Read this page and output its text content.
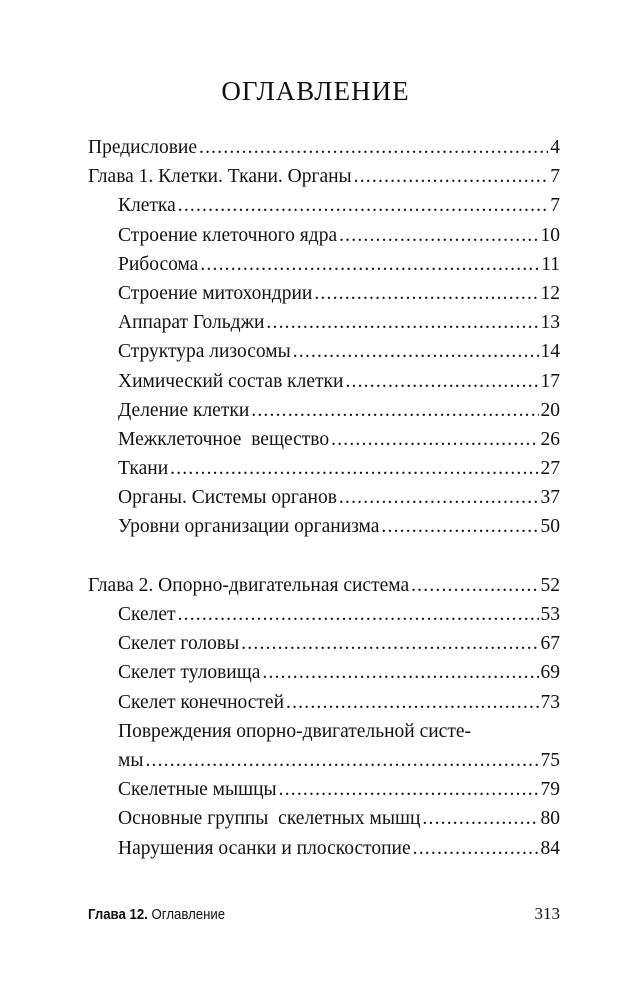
ОГЛАВЛЕНИЕ
Предисловие .....	4
Глава 1. Клетки. Ткани. Органы .....	7
Клетка .....	7
Строение клеточного ядра .....	10
Рибосома .....	11
Строение митохондрии .....	12
Аппарат Гольджи .....	13
Структура лизосомы .....	14
Химический состав клетки .....	17
Деление клетки .....	20
Межклеточное  вещество .....	26
Ткани .....	27
Органы. Системы органов .....	37
Уровни организации организма .....	50
Глава 2. Опорно-двигательная система .....	52
Скелет .....	53
Скелет головы .....	67
Скелет туловища .....	69
Скелет конечностей .....	73
Повреждения опорно-двигательной систе-
мы .....	75
Скелетные мышцы .....	79
Основные группы  скелетных мышц .....	80
Нарушения осанки и плоскостопие .....	84
Глава 12. Оглавление	313
